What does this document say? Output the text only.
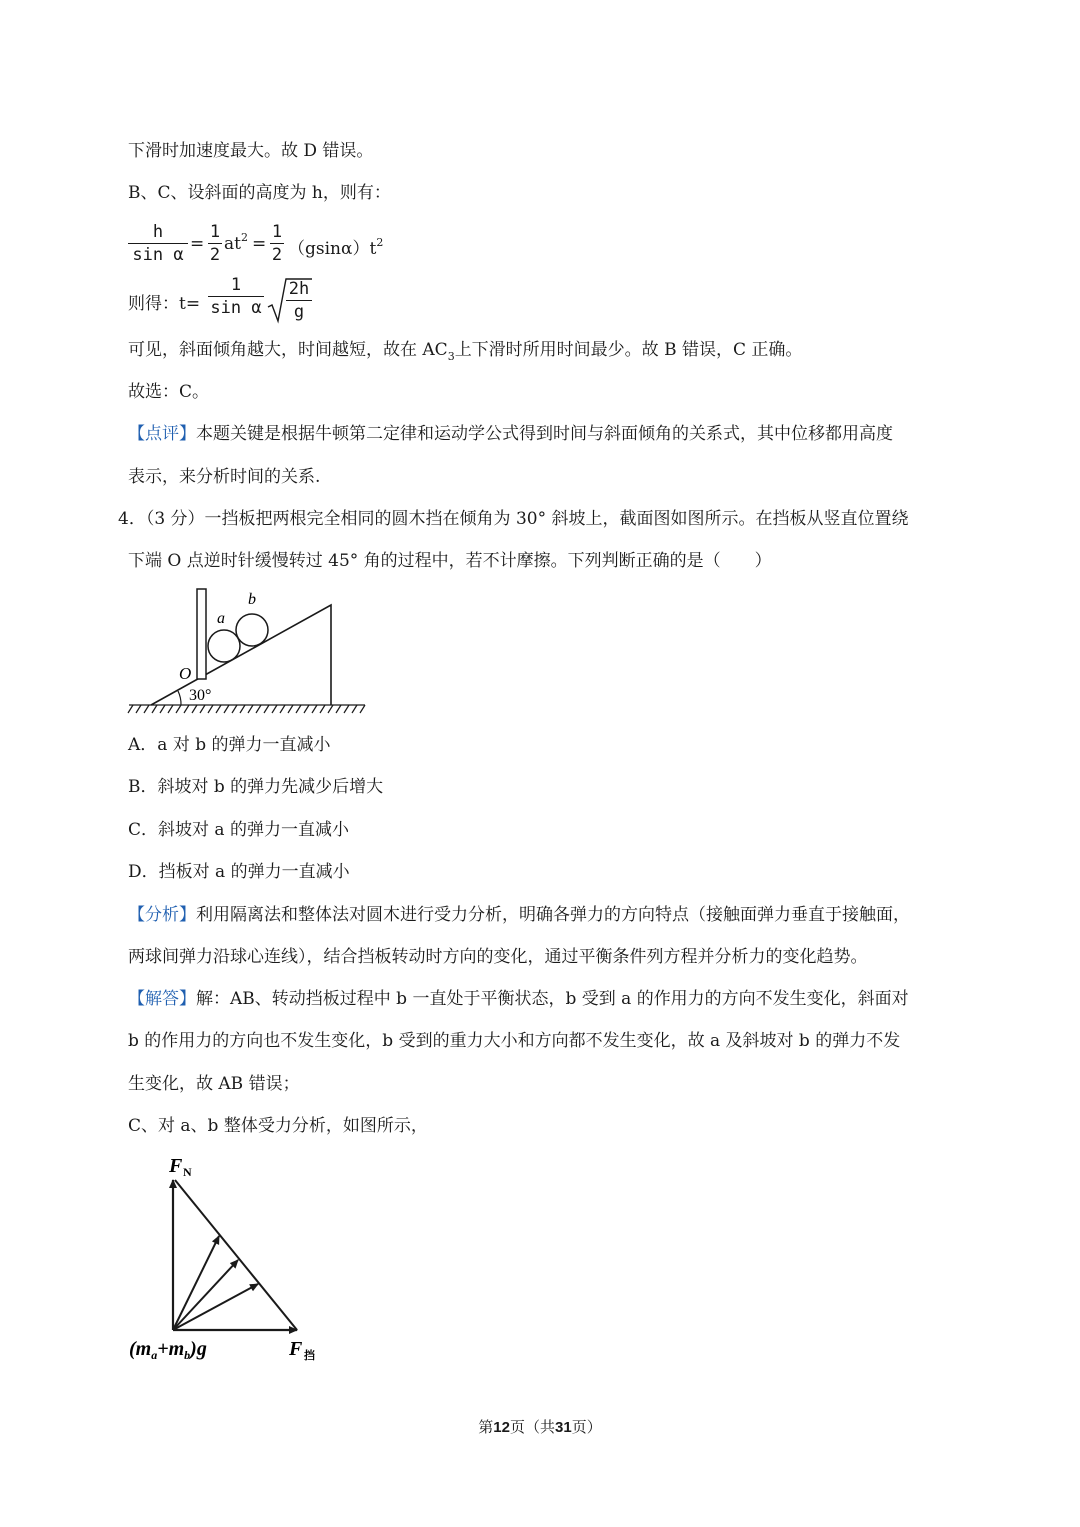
下滑时加速度最大。故 D 错误。
B、C、设斜面的高度为 h，则有：
h
sin α
=
1
2
$at^2$ =
1
2 $(gsin\alpha)t^2$
则得：t=
1
sin α
2h
g
可见，斜面倾角越大，时间越短，故在 $AC_3$上下滑时所用时间最少。故 B 错误，C 正确。
故选：C。
【点评】本题关键是根据牛顿第二定律和运动学公式得到时间与斜面倾角的关系式，其中位移都用高度
表示，来分析时间的关系.
4．（3 分）一挡板把两根完全相同的圆木挡在倾角为 30° 斜坡上，截面图如图所示。在挡板从竖直位置绕
下端 O 点逆时针缓慢转过 45° 角的过程中，若不计摩擦。下列判断正确的是（　　）
a
b
O
30°
A．a 对 b 的弹力一直减小
B．斜坡对 b 的弹力先减少后增大
C．斜坡对 a 的弹力一直减小
D．挡板对 a 的弹力一直减小
【分析】利用隔离法和整体法对圆木进行受力分析，明确各弹力的方向特点（接触面弹力垂直于接触面，
两球间弹力沿球心连线），结合挡板转动时方向的变化，通过平衡条件列方程并分析力的变化趋势。
【解答】解：AB、转动挡板过程中 b 一直处于平衡状态，b 受到 a 的作用力的方向不发生变化，斜面对
b 的作用力的方向也不发生变化，b 受到的重力大小和方向都不发生变化，故 a 及斜坡对 b 的弹力不发
生变化，故 AB 错误；
C、对 a、b 整体受力分析，如图所示，
F N
$(m_a+m_b)g$	F 挡
第12页（共31页）
